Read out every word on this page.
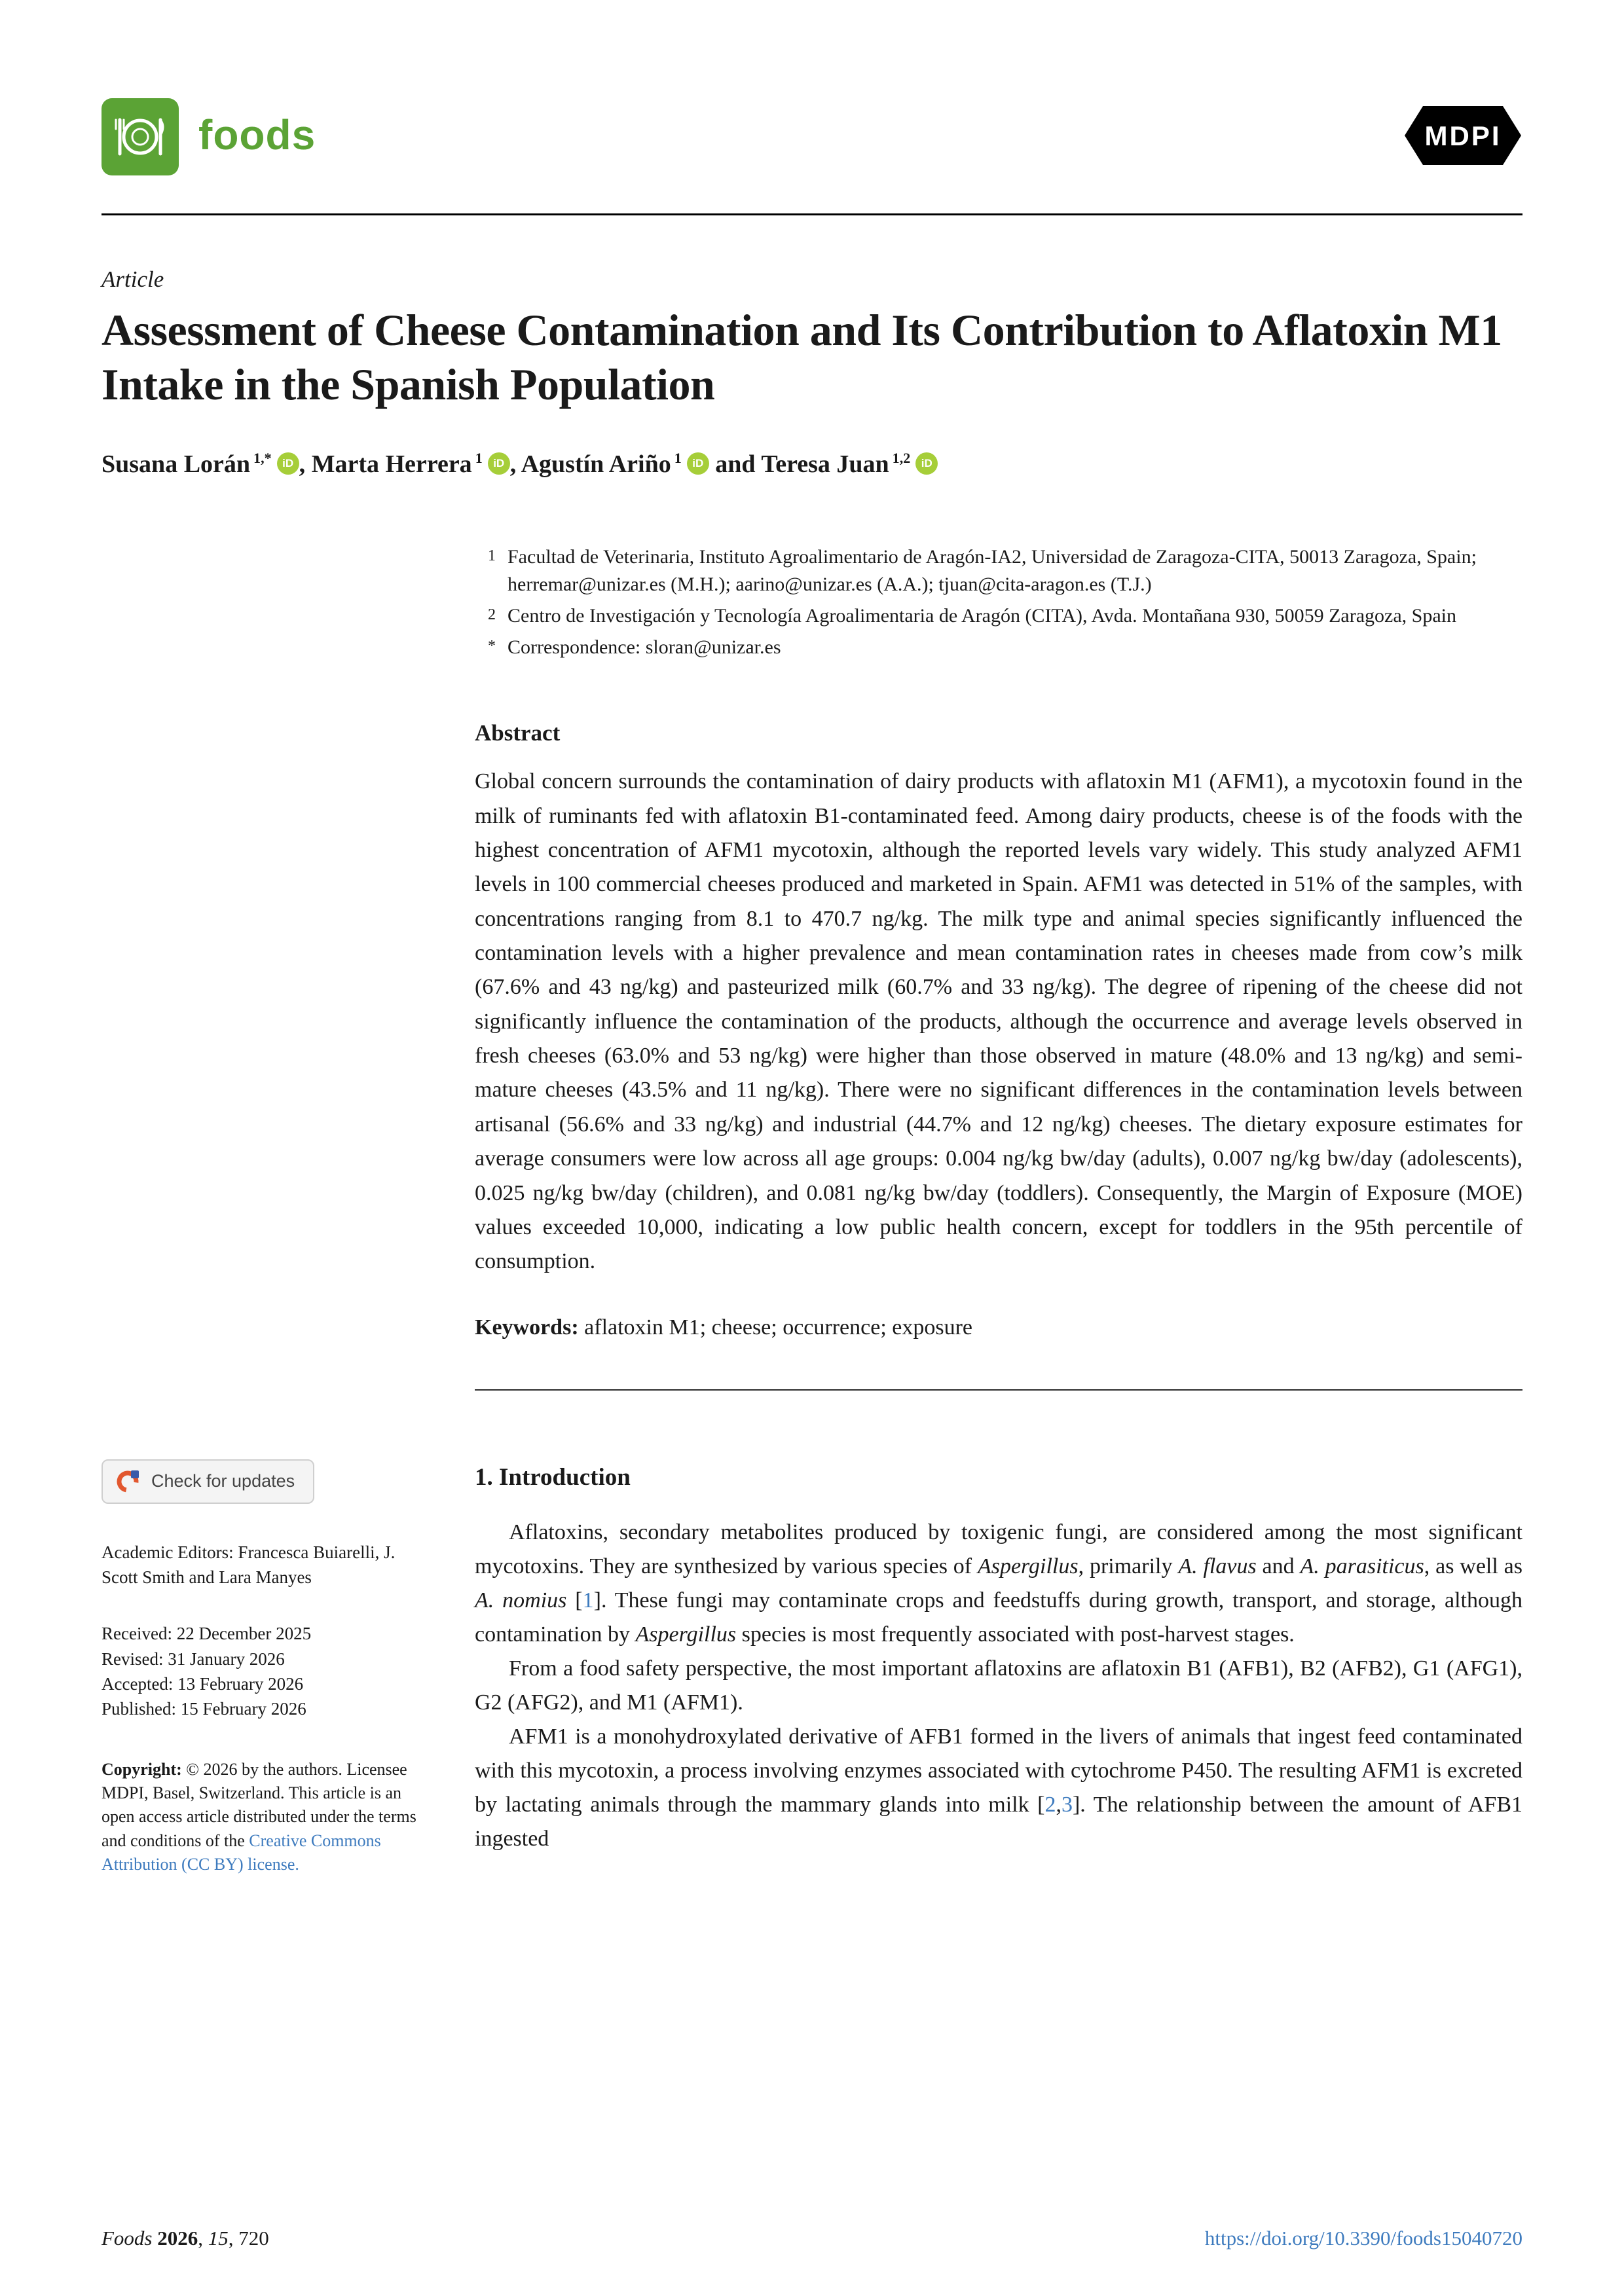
foods	MDPI
Article
Assessment of Cheese Contamination and Its Contribution to Aflatoxin M1 Intake in the Spanish Population
Susana Lorán $^{1,*}$ iD , Marta Herrera $^1$ iD , Agustín Ariño $^1$ iD and Teresa Juan $^{1,2}$ iD
1 Facultad de Veterinaria, Instituto Agroalimentario de Aragón-IA2, Universidad de Zaragoza-CITA, 50013 Zaragoza, Spain; herremar@unizar.es (M.H.); aarino@unizar.es (A.A.); tjuan@cita-aragon.es (T.J.)
2 Centro de Investigación y Tecnología Agroalimentaria de Aragón (CITA), Avda. Montañana 930, 50059 Zaragoza, Spain
* Correspondence: sloran@unizar.es
Abstract
Global concern surrounds the contamination of dairy products with aflatoxin M1 (AFM1), a mycotoxin found in the milk of ruminants fed with aflatoxin B1-contaminated feed. Among dairy products, cheese is of the foods with the highest concentration of AFM1 mycotoxin, although the reported levels vary widely. This study analyzed AFM1 levels in 100 commercial cheeses produced and marketed in Spain. AFM1 was detected in 51% of the samples, with concentrations ranging from 8.1 to 470.7 ng/kg. The milk type and animal species significantly influenced the contamination levels with a higher prevalence and mean contamination rates in cheeses made from cow’s milk (67.6% and 43 ng/kg) and pasteurized milk (60.7% and 33 ng/kg). The degree of ripening of the cheese did not significantly influence the contamination of the products, although the occurrence and average levels observed in fresh cheeses (63.0% and 53 ng/kg) were higher than those observed in mature (48.0% and 13 ng/kg) and semi-mature cheeses (43.5% and 11 ng/kg). There were no significant differences in the contamination levels between artisanal (56.6% and 33 ng/kg) and industrial (44.7% and 12 ng/kg) cheeses. The dietary exposure estimates for average consumers were low across all age groups: 0.004 ng/kg bw/day (adults), 0.007 ng/kg bw/day (adolescents), 0.025 ng/kg bw/day (children), and 0.081 ng/kg bw/day (toddlers). Consequently, the Margin of Exposure (MOE) values exceeded 10,000, indicating a low public health concern, except for toddlers in the 95th percentile of consumption.
Keywords: aflatoxin M1; cheese; occurrence; exposure
Check for updates
Academic Editors: Francesca Buiarelli, J. Scott Smith and Lara Manyes
Received: 22 December 2025
Revised: 31 January 2026
Accepted: 13 February 2026
Published: 15 February 2026
Copyright: © 2026 by the authors. Licensee MDPI, Basel, Switzerland. This article is an open access article distributed under the terms and conditions of the Creative Commons Attribution (CC BY) license.
1. Introduction
Aflatoxins, secondary metabolites produced by toxigenic fungi, are considered among the most significant mycotoxins. They are synthesized by various species of Aspergillus, primarily A. flavus and A. parasiticus, as well as A. nomius [1]. These fungi may contaminate crops and feedstuffs during growth, transport, and storage, although contamination by Aspergillus species is most frequently associated with post-harvest stages.
From a food safety perspective, the most important aflatoxins are aflatoxin B1 (AFB1), B2 (AFB2), G1 (AFG1), G2 (AFG2), and M1 (AFM1).
AFM1 is a monohydroxylated derivative of AFB1 formed in the livers of animals that ingest feed contaminated with this mycotoxin, a process involving enzymes associated with cytochrome P450. The resulting AFM1 is excreted by lactating animals through the mammary glands into milk [2,3]. The relationship between the amount of AFB1 ingested
Foods 2026, 15, 720	https://doi.org/10.3390/foods15040720
